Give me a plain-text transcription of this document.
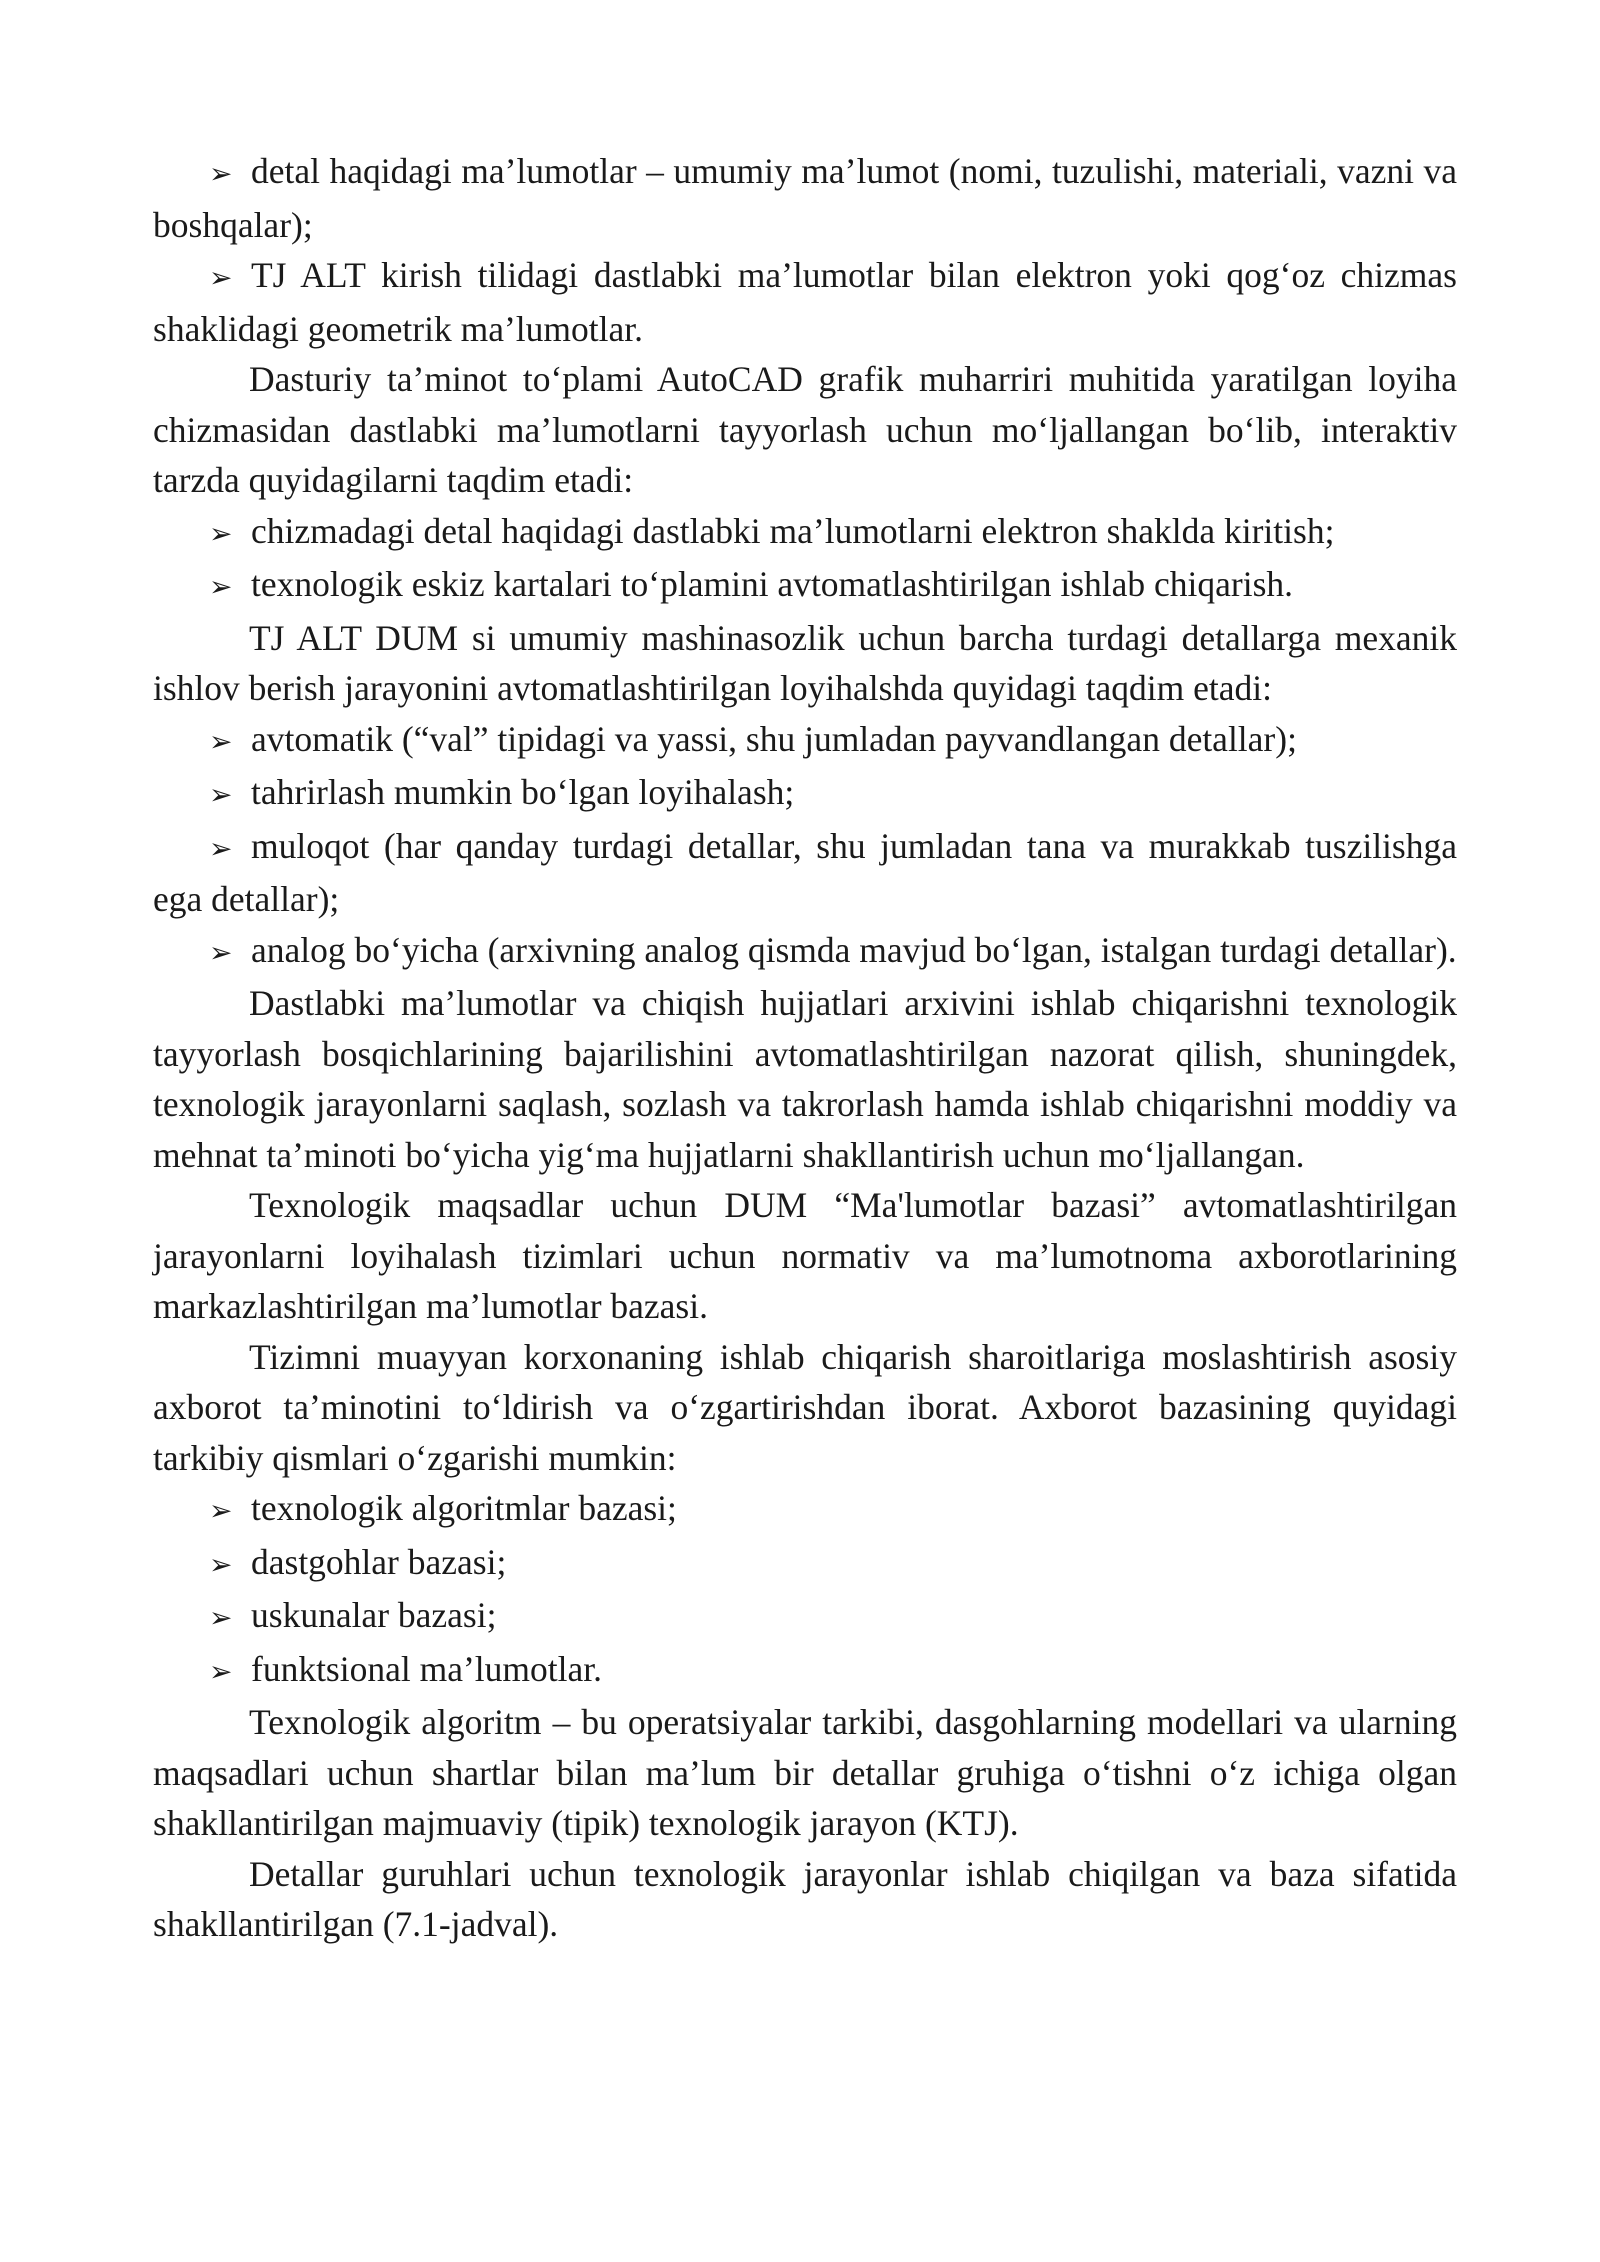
➢ detal haqidagi ma’lumotlar – umumiy ma’lumot (nomi, tuzulishi, materiali, vazni va boshqalar);

➢ TJ ALT kirish tilidagi dastlabki ma’lumotlar bilan elektron yoki qog‘oz chizmas shaklidagi geometrik ma’lumotlar.

Dasturiy ta’minot to‘plami AutoCAD grafik muharriri muhitida yaratilgan loyiha chizmasidan dastlabki ma’lumotlarni tayyorlash uchun mo‘ljallangan bo‘lib, interaktiv tarzda quyidagilarni taqdim etadi:

➢ chizmadagi detal haqidagi dastlabki ma’lumotlarni elektron shaklda kiritish;

➢ texnologik eskiz kartalari to‘plamini avtomatlashtirilgan ishlab chiqarish.

TJ ALT DUM si umumiy mashinasozlik uchun barcha turdagi detallarga mexanik ishlov berish jarayonini avtomatlashtirilgan loyihalshda quyidagi taqdim etadi:

➢ avtomatik (“val” tipidagi va yassi, shu jumladan payvandlangan detallar);

➢ tahrirlash mumkin bo‘lgan loyihalash;

➢ muloqot (har qanday turdagi detallar, shu jumladan tana va murakkab tuszilishga ega detallar);

➢ analog bo‘yicha (arxivning analog qismda mavjud bo‘lgan, istalgan turdagi detallar).

Dastlabki ma’lumotlar va chiqish hujjatlari arxivini ishlab chiqarishni texnologik tayyorlash bosqichlarining bajarilishini avtomatlashtirilgan nazorat qilish, shuningdek, texnologik jarayonlarni saqlash, sozlash va takrorlash hamda ishlab chiqarishni moddiy va mehnat ta’minoti bo‘yicha yig‘ma hujjatlarni shakllantirish uchun mo‘ljallangan.

Texnologik maqsadlar uchun DUM “Ma'lumotlar bazasi” avtomatlashtirilgan jarayonlarni loyihalash tizimlari uchun normativ va ma’lumotnoma axborotlarining markazlashtirilgan ma’lumotlar bazasi.

Tizimni muayyan korxonaning ishlab chiqarish sharoitlariga moslashtirish asosiy axborot ta’minotini to‘ldirish va o‘zgartirishdan iborat. Axborot bazasining quyidagi tarkibiy qismlari o‘zgarishi mumkin:

➢ texnologik algoritmlar bazasi;

➢ dastgohlar bazasi;

➢ uskunalar bazasi;

➢ funktsional ma’lumotlar.

Texnologik algoritm – bu operatsiyalar tarkibi, dasgohlarning modellari va ularning maqsadlari uchun shartlar bilan ma’lum bir detallar gruhiga o‘tishni o‘z ichiga olgan shakllantirilgan majmuaviy (tipik) texnologik jarayon (KTJ).

Detallar guruhlari uchun texnologik jarayonlar ishlab chiqilgan va baza sifatida shakllantirilgan (7.1-jadval).
